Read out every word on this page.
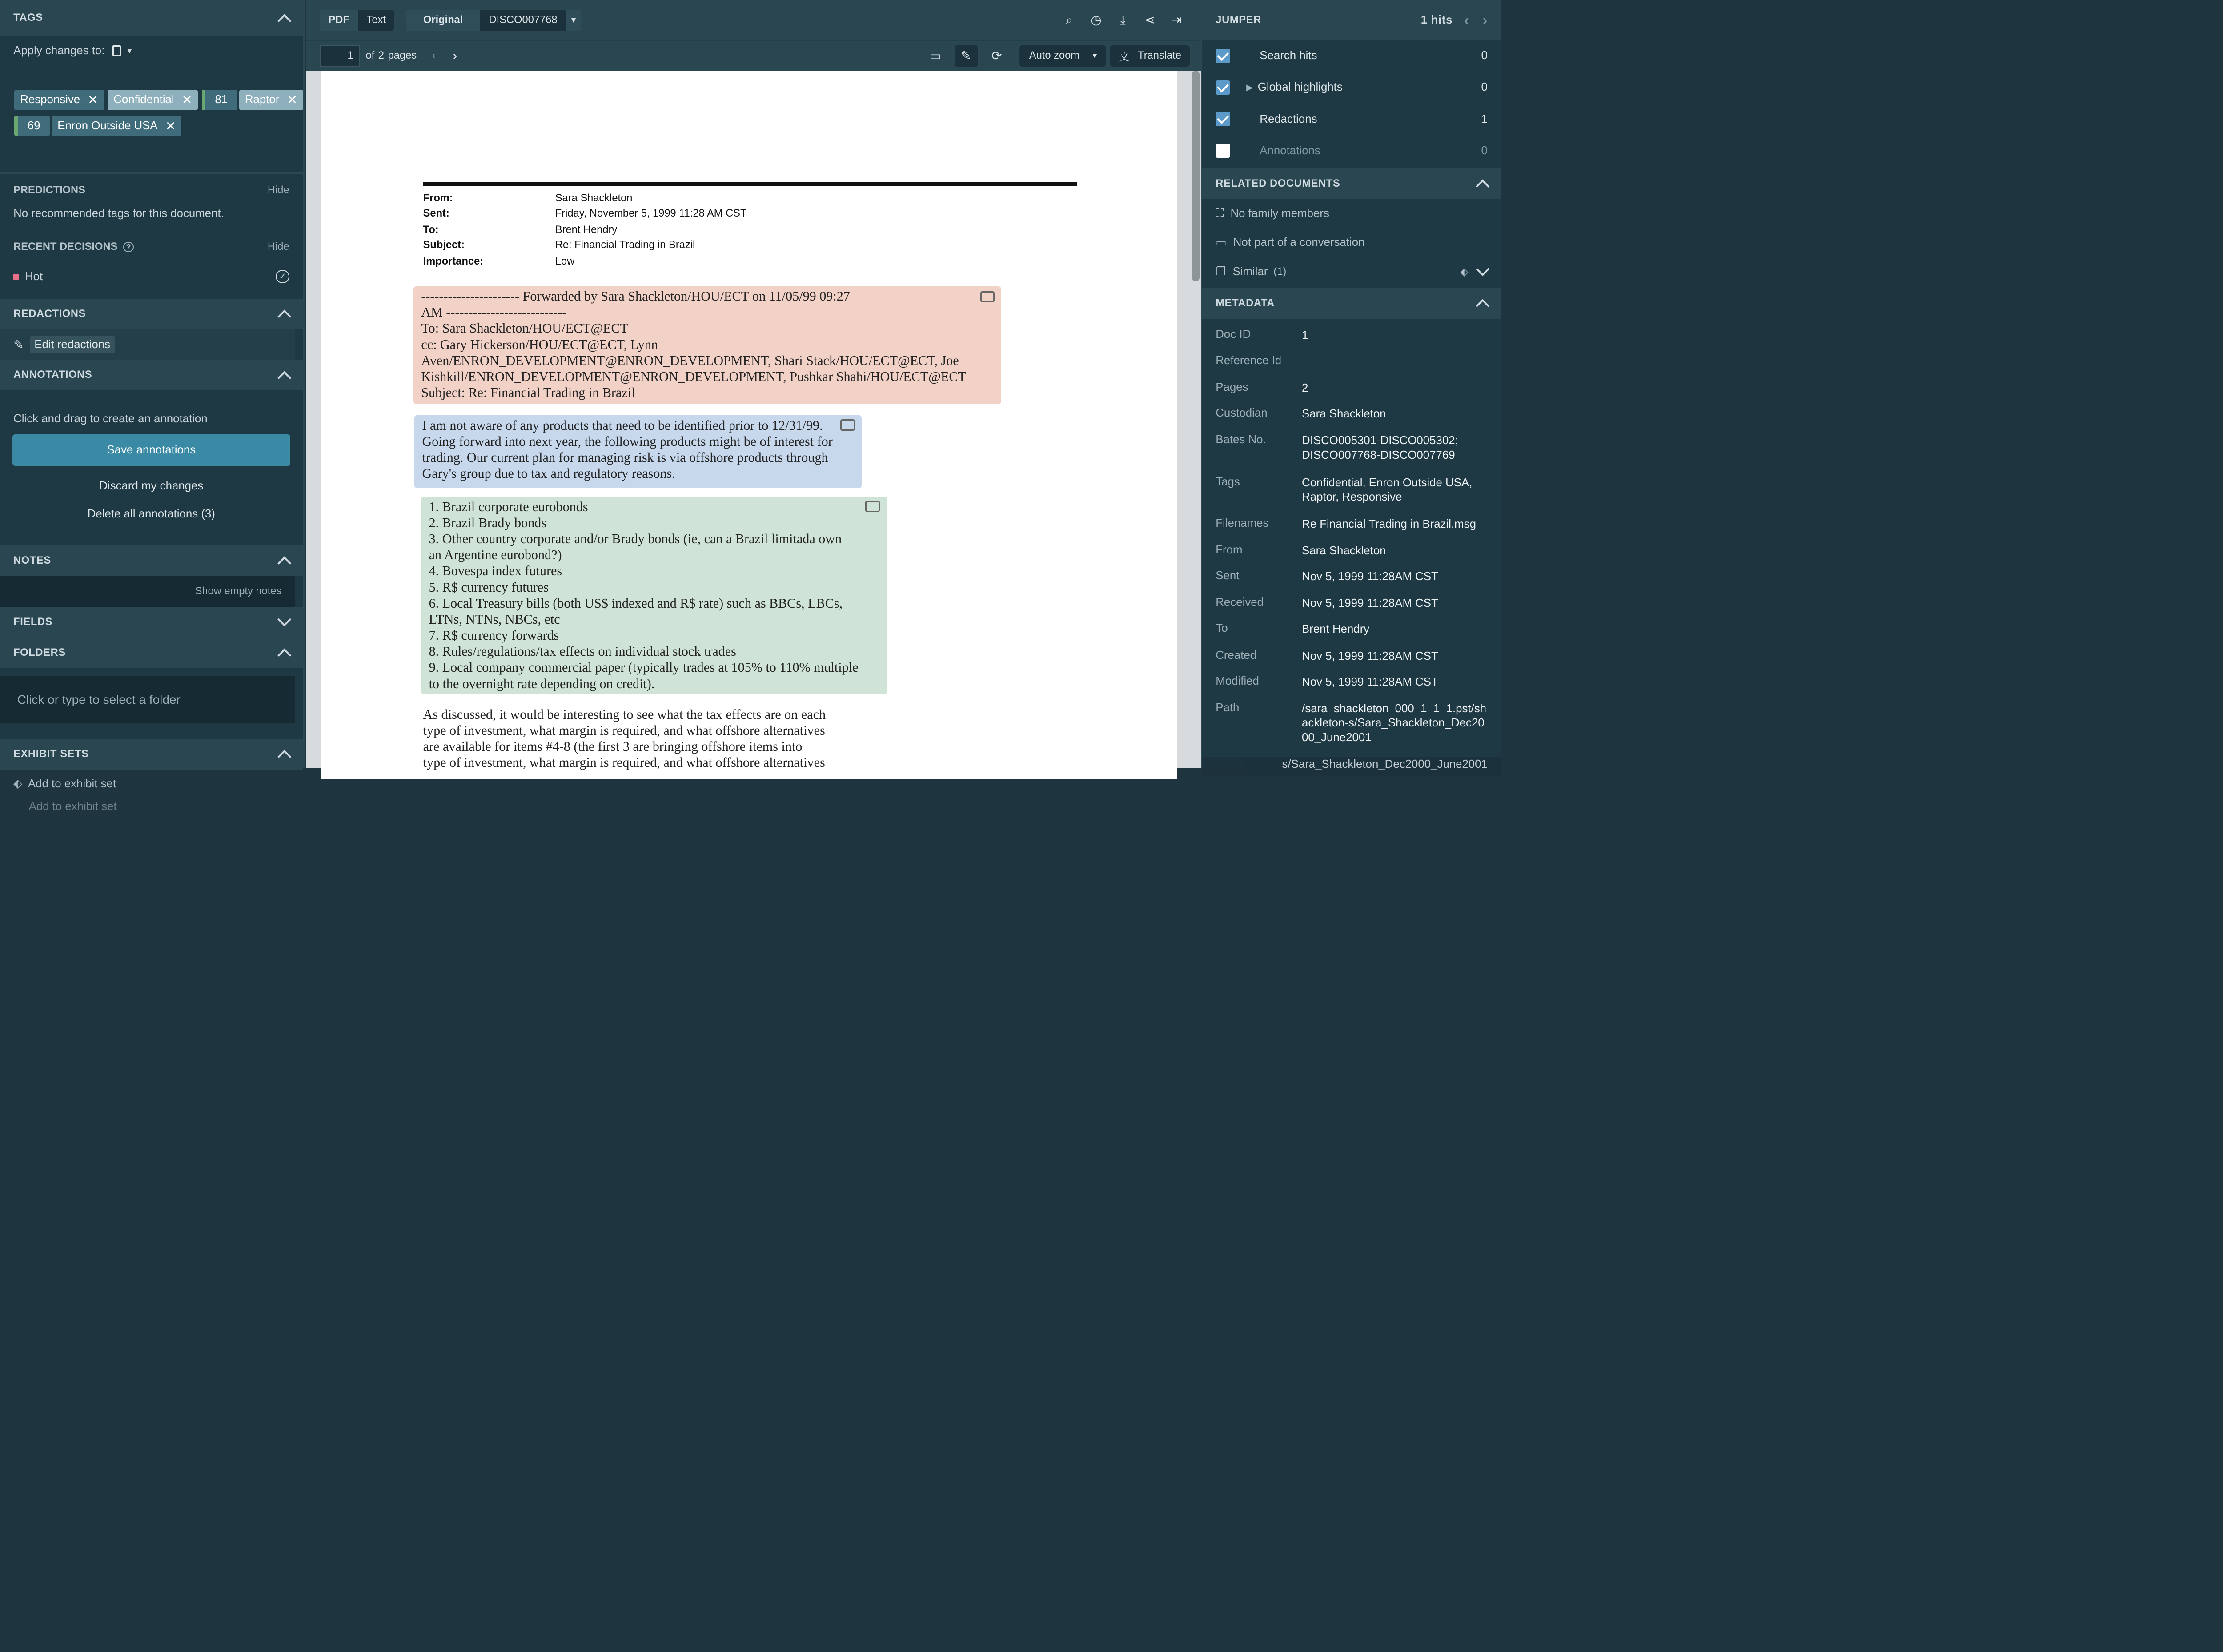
TAGS
Apply changes to:	▼
Responsive ✕	Confidential ✕	81	Raptor ✕
69	Enron Outside USA ✕
PREDICTIONS	Hide
No recommended tags for this document.
RECENT DECISIONS	?	Hide
Hot	✓
REDACTIONS
✎	Edit redactions
ANNOTATIONS
Click and drag to create an annotation
Save annotations
Discard my changes
Delete all annotations (3)
NOTES
Show empty notes
FIELDS
FOLDERS
Click or type to select a folder
EXHIBIT SETS
⬖ Add to exhibit set
Add to exhibit set
PDF	Text	Original	DISCO007768	▼	⌕	◷	⤓	⋖	⇥
1	of 2 pages	‹	›	▭	✎	⟳	Auto zoom	▼	文	Translate
From:	Sara Shackleton
Sent:	Friday, November 5, 1999 11:28 AM CST
To:	Brent Hendry
Subject:	Re: Financial Trading in Brazil
Importance:	Low
---------------------- Forwarded by Sara Shackleton/HOU/ECT on 11/05/99 09:27
AM ---------------------------
To: Sara Shackleton/HOU/ECT@ECT
cc: Gary Hickerson/HOU/ECT@ECT, Lynn
Aven/ENRON_DEVELOPMENT@ENRON_DEVELOPMENT, Shari Stack/HOU/ECT@ECT, Joe
Kishkill/ENRON_DEVELOPMENT@ENRON_DEVELOPMENT, Pushkar Shahi/HOU/ECT@ECT
Subject: Re: Financial Trading in Brazil
I am not aware of any products that need to be identified prior to 12/31/99.
Going forward into next year, the following products might be of interest for
trading. Our current plan for managing risk is via offshore products through
Gary's group due to tax and regulatory reasons.
1. Brazil corporate eurobonds
2. Brazil Brady bonds
3. Other country corporate and/or Brady bonds (ie, can a Brazil limitada own
an Argentine eurobond?)
4. Bovespa index futures
5. R$ currency futures
6. Local Treasury bills (both US$ indexed and R$ rate) such as BBCs, LBCs,
LTNs, NTNs, NBCs, etc
7. R$ currency forwards
8. Rules/regulations/tax effects on individual stock trades
9. Local company commercial paper (typically trades at 105% to 110% multiple
to the overnight rate depending on credit).
As discussed, it would be interesting to see what the tax effects are on each
type of investment, what margin is required, and what offshore alternatives
are available for items #4-8 (the first 3 are bringing offshore items into
type of investment, what margin is required, and what offshore alternatives
JUMPER	1 hits ‹ ›
Search hits	0
▶ Global highlights	0
Redactions	1
Annotations	0
RELATED DOCUMENTS
⛶ No family members
▭ Not part of a conversation
❐ Similar (1)	⬖
METADATA
Doc ID	1
Reference Id
Pages	2
Custodian	Sara Shackleton
Bates No.	DISCO005301-DISCO005302; DISCO007768-DISCO007769
Tags	Confidential, Enron Outside USA, Raptor, Responsive
Filenames	Re Financial Trading in Brazil.msg
From	Sara Shackleton
Sent	Nov 5, 1999 11:28AM CST
Received	Nov 5, 1999 11:28AM CST
To	Brent Hendry
Created	Nov 5, 1999 11:28AM CST
Modified	Nov 5, 1999 11:28AM CST
Path	/sara_shackleton_000_1_1_1.pst/shackleton-s/Sara_Shackleton_Dec2000_June2001
s/Sara_Shackleton_Dec2000_June2001
